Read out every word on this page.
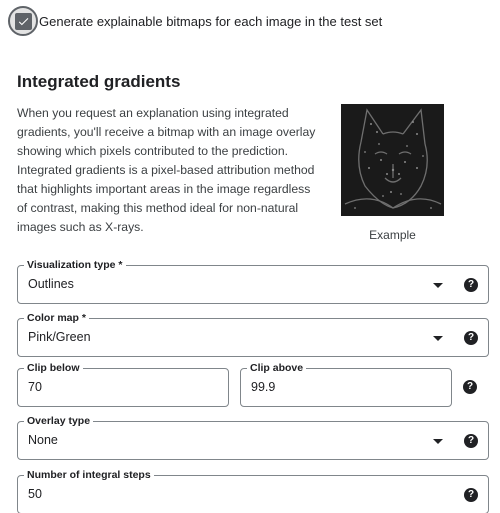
Generate explainable bitmaps for each image in the test set
Integrated gradients

When you request an explanation using integrated gradients, you'll receive a bitmap with an image overlay showing which pixels contributed to the prediction. Integrated gradients is a pixel-based attribution method that highlights important areas in the image regardless of contrast, making this method ideal for non-natural images such as X-rays.

Example
Visualization type *
Outlines	?
Color map *
Pink/Green	?
Clip below
70
Clip above
99.9	?
Overlay type
None	?
Number of integral steps
50	?
